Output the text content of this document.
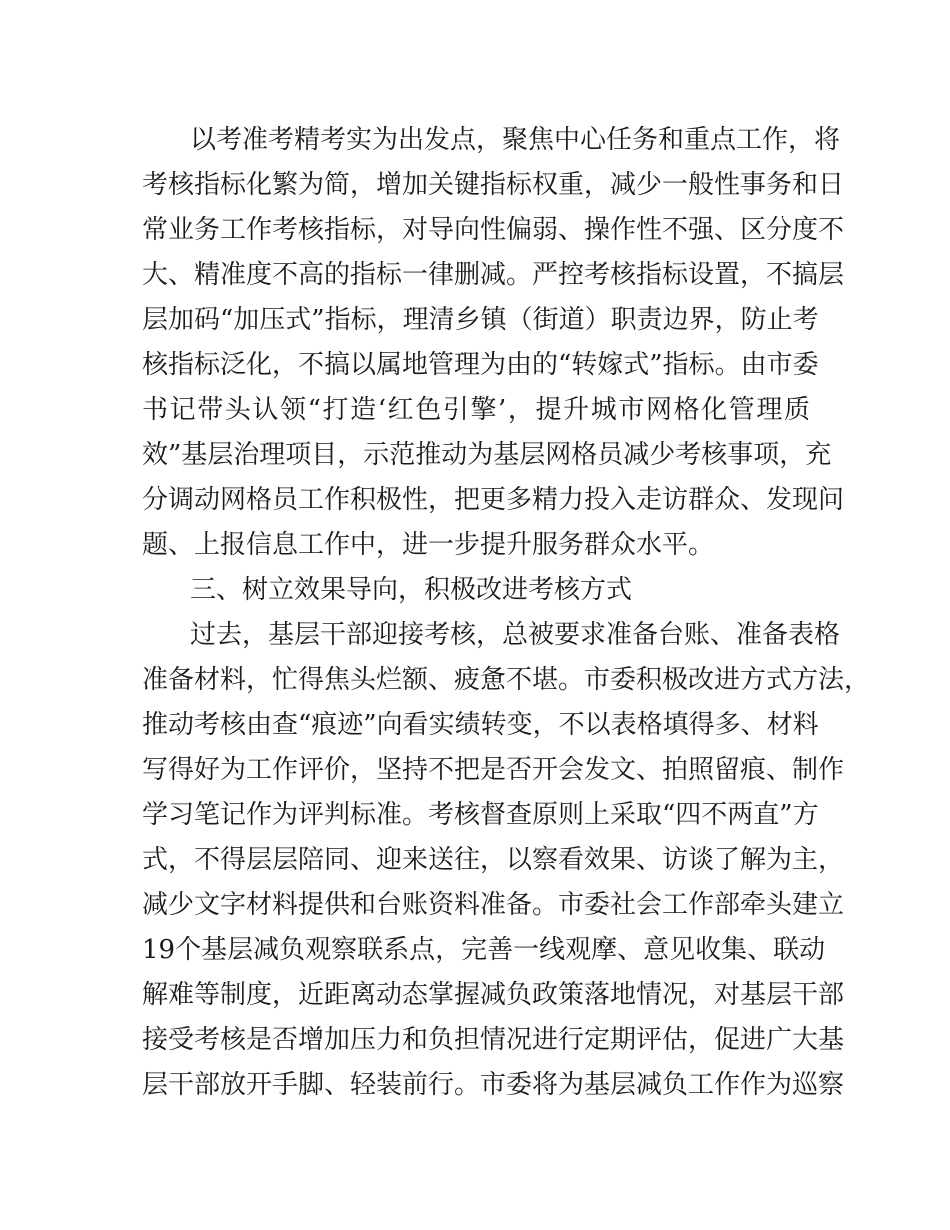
以考准考精考实为出发点，聚焦中心任务和重点工作，将
考核指标化繁为简，增加关键指标权重，减少一般性事务和日
常业务工作考核指标，对导向性偏弱、操作性不强、区分度不
大、精准度不高的指标一律删减。严控考核指标设置，不搞层
层加码“加压式”指标，理清乡镇（街道）职责边界，防止考
核指标泛化，不搞以属地管理为由的“转嫁式”指标。由市委
书记带头认领“打造‘红色引擎’，提升城市网格化管理质
效”基层治理项目，示范推动为基层网格员减少考核事项，充
分调动网格员工作积极性，把更多精力投入走访群众、发现问
题、上报信息工作中，进一步提升服务群众水平。
三、树立效果导向，积极改进考核方式
过去，基层干部迎接考核，总被要求准备台账、准备表格
准备材料，忙得焦头烂额、疲惫不堪。市委积极改进方式方法，
推动考核由查“痕迹”向看实绩转变，不以表格填得多、材料
写得好为工作评价，坚持不把是否开会发文、拍照留痕、制作
学习笔记作为评判标准。考核督查原则上采取“四不两直”方
式，不得层层陪同、迎来送往，以察看效果、访谈了解为主，
减少文字材料提供和台账资料准备。市委社会工作部牵头建立
19个基层减负观察联系点，完善一线观摩、意见收集、联动
解难等制度，近距离动态掌握减负政策落地情况，对基层干部
接受考核是否增加压力和负担情况进行定期评估，促进广大基
层干部放开手脚、轻装前行。市委将为基层减负工作作为巡察
